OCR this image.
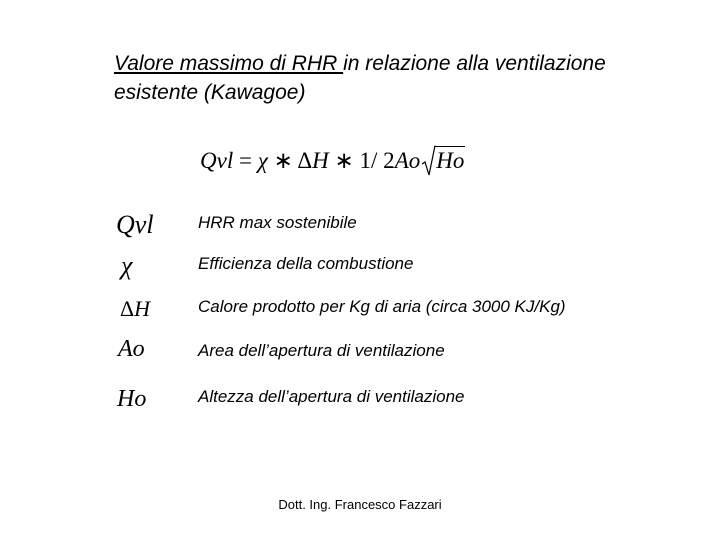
Valore massimo di RHR in relazione alla ventilazione esistente (Kawagoe)
Qvl = χ ∗ ΔH ∗ 1/ 2Ao Ho
Qvl	HRR max sostenibile
χ	Efficienza della combustione
ΔH	Calore prodotto per Kg di aria (circa 3000 KJ/Kg)
Ao	Area dell’apertura di ventilazione
Ho	Altezza dell’apertura di ventilazione
Dott. Ing. Francesco Fazzari
